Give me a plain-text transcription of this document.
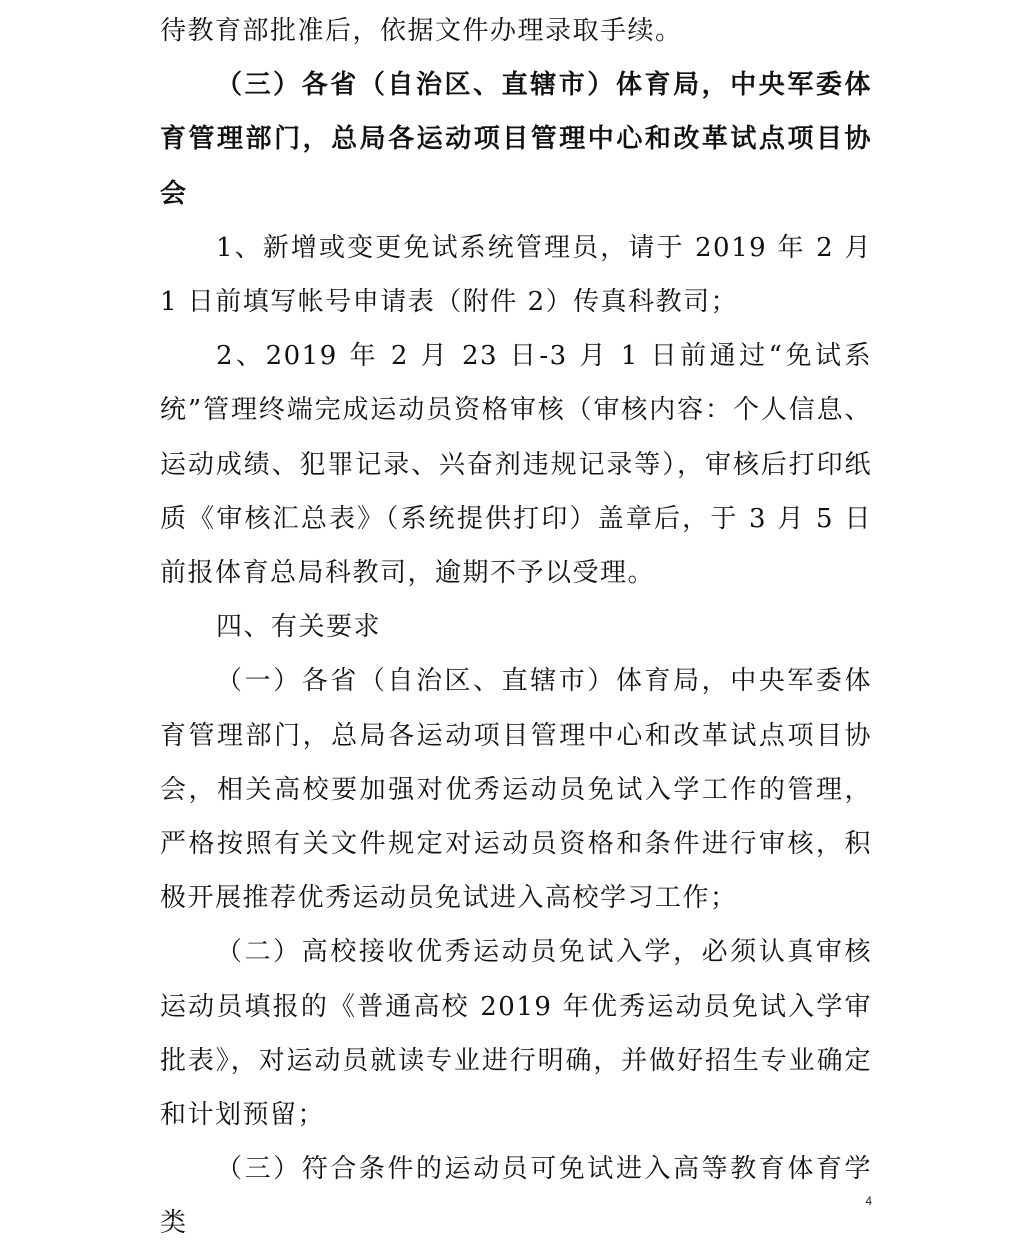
待教育部批准后，依据文件办理录取手续。

（三）各省（自治区、直辖市）体育局，中央军委体育管理部门，总局各运动项目管理中心和改革试点项目协会

1、新增或变更免试系统管理员，请于 2019 年 2 月 1 日前填写帐号申请表（附件 2）传真科教司；

2、2019 年 2 月 23 日-3 月 1 日前通过“免试系统”管理终端完成运动员资格审核（审核内容：个人信息、运动成绩、犯罪记录、兴奋剂违规记录等），审核后打印纸质《审核汇总表》（系统提供打印）盖章后，于 3 月 5 日前报体育总局科教司，逾期不予以受理。

四、有关要求

（一）各省（自治区、直辖市）体育局，中央军委体育管理部门，总局各运动项目管理中心和改革试点项目协会，相关高校要加强对优秀运动员免试入学工作的管理，严格按照有关文件规定对运动员资格和条件进行审核，积极开展推荐优秀运动员免试进入高校学习工作；

（二）高校接收优秀运动员免试入学，必须认真审核运动员填报的《普通高校 2019 年优秀运动员免试入学审批表》，对运动员就读专业进行明确，并做好招生专业确定和计划预留；

（三）符合条件的运动员可免试进入高等教育体育学类

4
